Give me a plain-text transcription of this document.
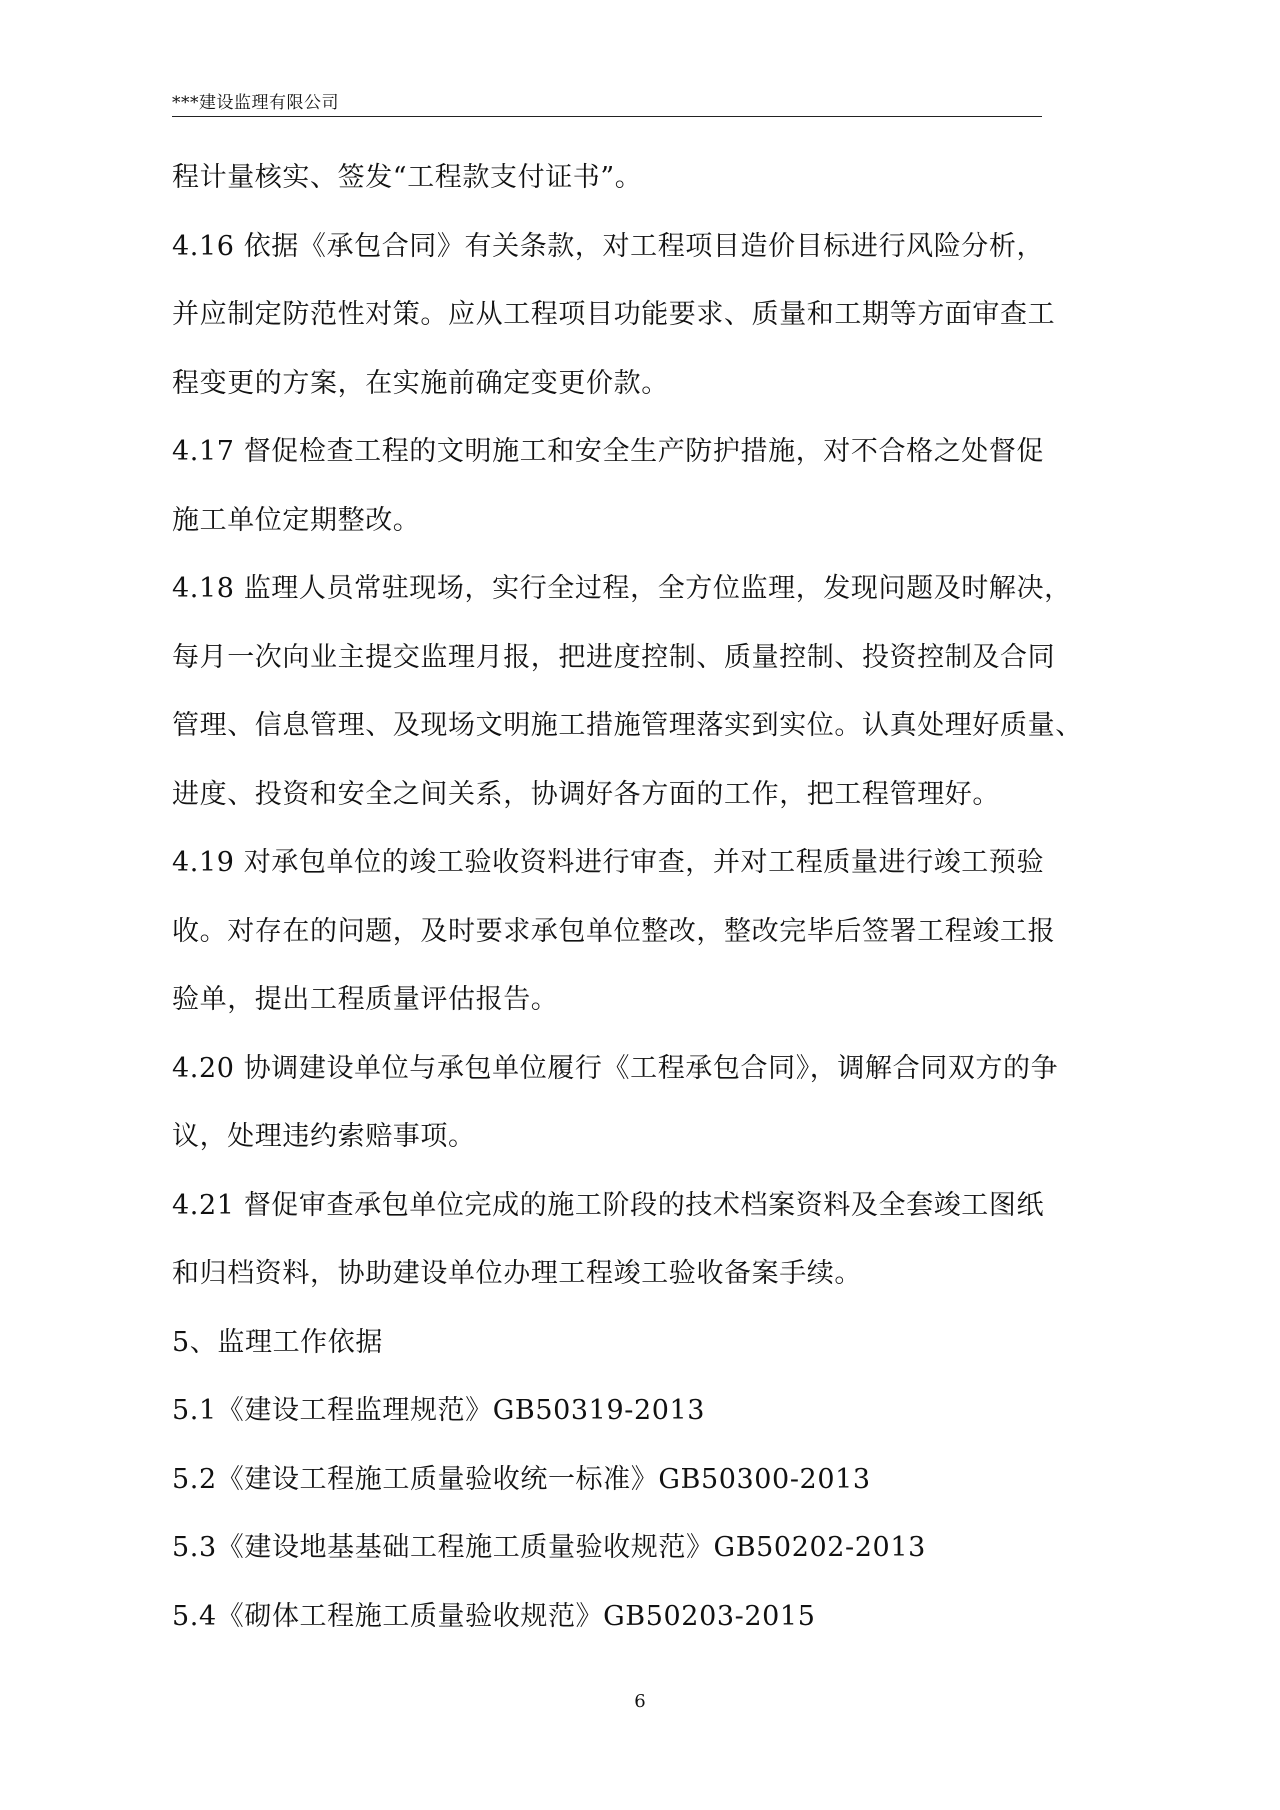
***建设监理有限公司
程计量核实、签发“工程款支付证书”。
4.16 依据《承包合同》有关条款，对工程项目造价目标进行风险分析，
并应制定防范性对策。应从工程项目功能要求、质量和工期等方面审查工
程变更的方案，在实施前确定变更价款。
4.17 督促检查工程的文明施工和安全生产防护措施，对不合格之处督促
施工单位定期整改。
4.18 监理人员常驻现场，实行全过程，全方位监理，发现问题及时解决，
每月一次向业主提交监理月报，把进度控制、质量控制、投资控制及合同
管理、信息管理、及现场文明施工措施管理落实到实位。认真处理好质量、
进度、投资和安全之间关系，协调好各方面的工作，把工程管理好。
4.19 对承包单位的竣工验收资料进行审查，并对工程质量进行竣工预验
收。对存在的问题，及时要求承包单位整改，整改完毕后签署工程竣工报
验单，提出工程质量评估报告。
4.20 协调建设单位与承包单位履行《工程承包合同》，调解合同双方的争
议，处理违约索赔事项。
4.21 督促审查承包单位完成的施工阶段的技术档案资料及全套竣工图纸
和归档资料，协助建设单位办理工程竣工验收备案手续。
5、监理工作依据
5.1《建设工程监理规范》GB50319-2013
5.2《建设工程施工质量验收统一标准》GB50300-2013
5.3《建设地基基础工程施工质量验收规范》GB50202-2013
5.4《砌体工程施工质量验收规范》GB50203-2015
6
